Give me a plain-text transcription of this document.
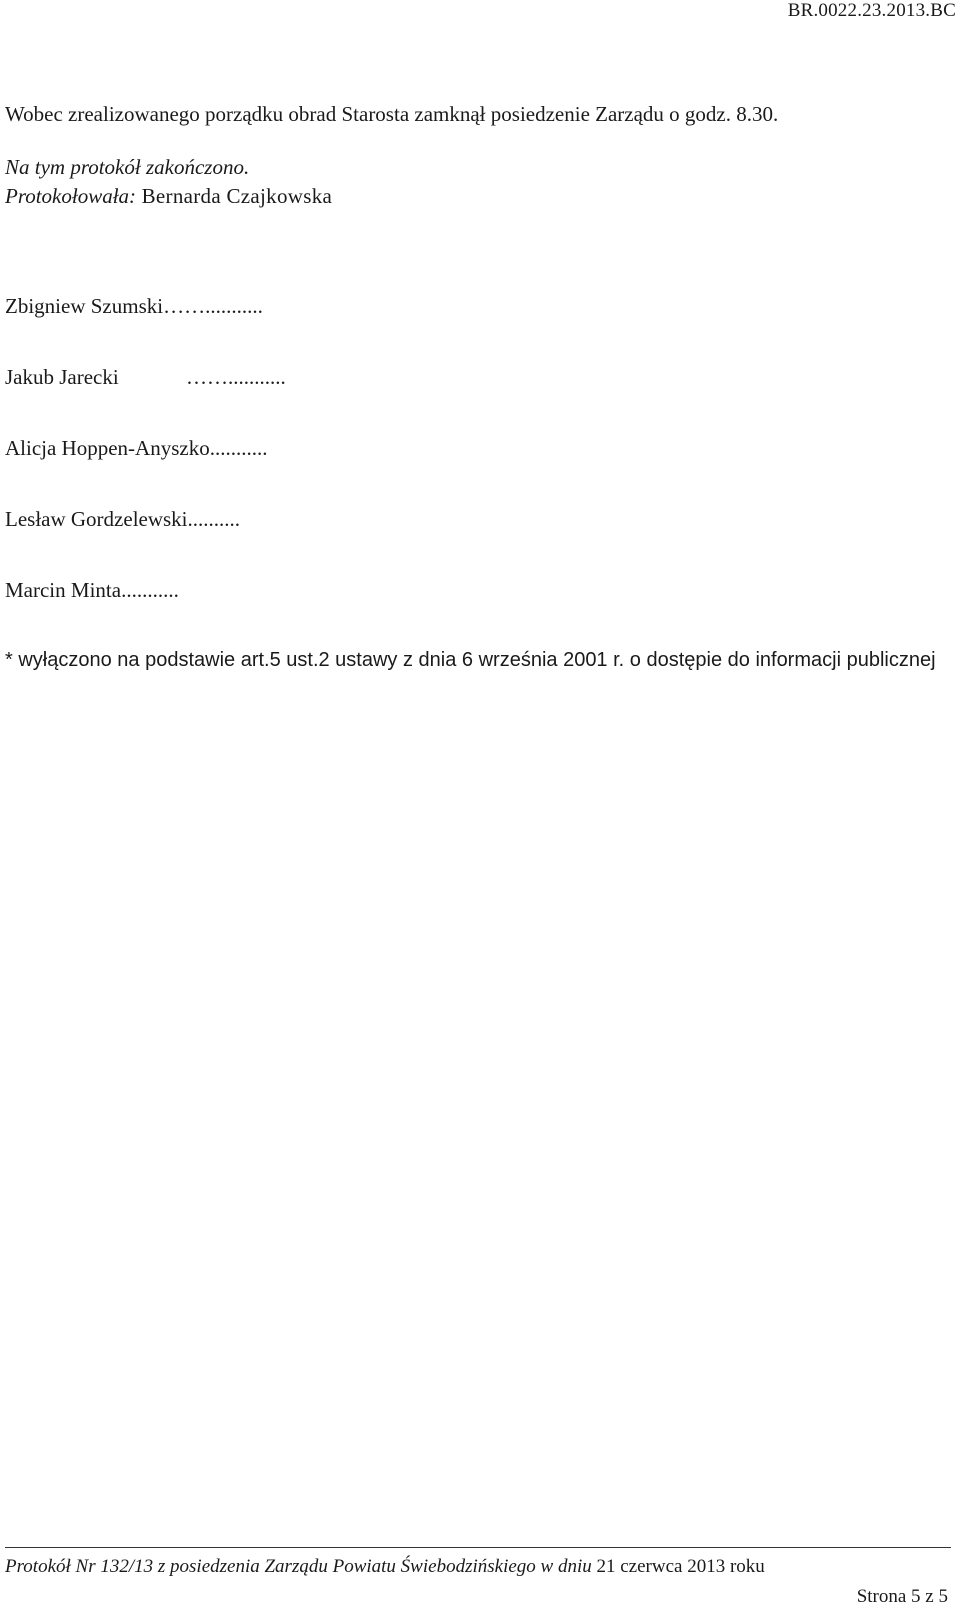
BR.0022.23.2013.BC
Wobec zrealizowanego porządku obrad Starosta zamknął posiedzenie Zarządu o godz. 8.30.
Na tym protokół zakończono.
Protokołowała: Bernarda Czajkowska
Zbigniew Szumski……...........
Jakub Jarecki	……...........
Alicja Hoppen-Anyszko...........
Lesław Gordzelewski..........
Marcin Minta...........
* wyłączono na podstawie art.5 ust.2 ustawy z dnia 6 września 2001 r. o dostępie do informacji publicznej
Protokół Nr 132/13 z posiedzenia Zarządu Powiatu Świebodzińskiego w dniu 21 czerwca 2013 roku
Strona 5 z 5
